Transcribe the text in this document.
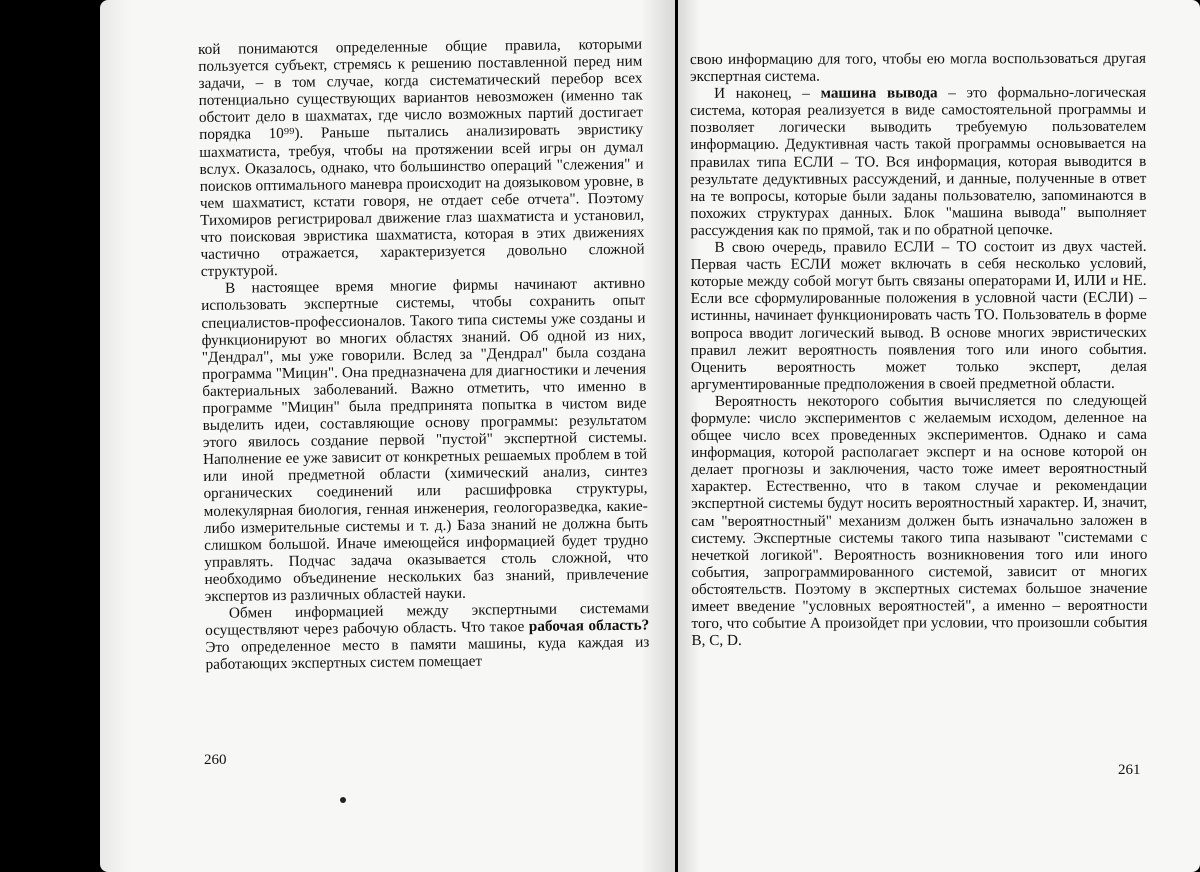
кой понимаются определенные общие правила, которыми пользуется субъект, стремясь к решению поставленной перед ним задачи, – в том случае, когда систематический перебор всех потенциально существующих вариантов невозможен (именно так обстоит дело в шахматах, где число возможных партий достигает порядка 10⁹⁹). Раньше пытались анализировать эвристику шахматиста, требуя, чтобы на протяжении всей игры он думал вслух. Оказалось, однако, что большинство операций "слежения" и поисков оптимального маневра происходит на доязыковом уровне, в чем шахматист, кстати говоря, не отдает себе отчета". Поэтому Тихомиров регистрировал движение глаз шахматиста и установил, что поисковая эвристика шахматиста, которая в этих движениях частично отражается, характеризуется довольно сложной структурой.

В настоящее время многие фирмы начинают активно использовать экспертные системы, чтобы сохранить опыт специалистов-профессионалов. Такого типа системы уже созданы и функционируют во многих областях знаний. Об одной из них, "Дендрал", мы уже говорили. Вслед за "Дендрал" была создана программа "Мицин". Она предназначена для диагностики и лечения бактериальных заболеваний. Важно отметить, что именно в программе "Мицин" была предпринята попытка в чистом виде выделить идеи, составляющие основу программы: результатом этого явилось создание первой "пустой" экспертной системы. Наполнение ее уже зависит от конкретных решаемых проблем в той или иной предметной области (химический анализ, синтез органических соединений или расшифровка структуры, молекулярная биология, генная инженерия, геологоразведка, какие-либо измерительные системы и т. д.) База знаний не должна быть слишком большой. Иначе имеющейся информацией будет трудно управлять. Подчас задача оказывается столь сложной, что необходимо объединение нескольких баз знаний, привлечение экспертов из различных областей науки.

Обмен информацией между экспертными системами осуществляют через рабочую область. Что такое рабочая область? Это определенное место в памяти машины, куда каждая из работающих экспертных систем помещает

260

свою информацию для того, чтобы ею могла воспользоваться другая экспертная система.

И наконец, – машина вывода – это формально-логическая система, которая реализуется в виде самостоятельной программы и позволяет логически выводить требуемую пользователем информацию. Дедуктивная часть такой программы основывается на правилах типа ЕСЛИ – ТО. Вся информация, которая выводится в результате дедуктивных рассуждений, и данные, полученные в ответ на те вопросы, которые были заданы пользователю, запоминаются в похожих структурах данных. Блок "машина вывода" выполняет рассуждения как по прямой, так и по обратной цепочке.

В свою очередь, правило ЕСЛИ – ТО состоит из двух частей. Первая часть ЕСЛИ может включать в себя несколько условий, которые между собой могут быть связаны операторами И, ИЛИ и НЕ. Если все сформулированные положения в условной части (ЕСЛИ) – истинны, начинает функционировать часть ТО. Пользователь в форме вопроса вводит логический вывод. В основе многих эвристических правил лежит вероятность появления того или иного события. Оценить вероятность может только эксперт, делая аргументированные предположения в своей предметной области.

Вероятность некоторого события вычисляется по следующей формуле: число экспериментов с желаемым исходом, деленное на общее число всех проведенных экспериментов. Однако и сама информация, которой располагает эксперт и на основе которой он делает прогнозы и заключения, часто тоже имеет вероятностный характер. Естественно, что в таком случае и рекомендации экспертной системы будут носить вероятностный характер. И, значит, сам "вероятностный" механизм должен быть изначально заложен в систему. Экспертные системы такого типа называют "системами с нечеткой логикой". Вероятность возникновения того или иного события, запрограммированного системой, зависит от многих обстоятельств. Поэтому в экспертных системах большое значение имеет введение "условных вероятностей", а именно – вероятности того, что событие А произойдет при условии, что произошли события В, С, D.

261
